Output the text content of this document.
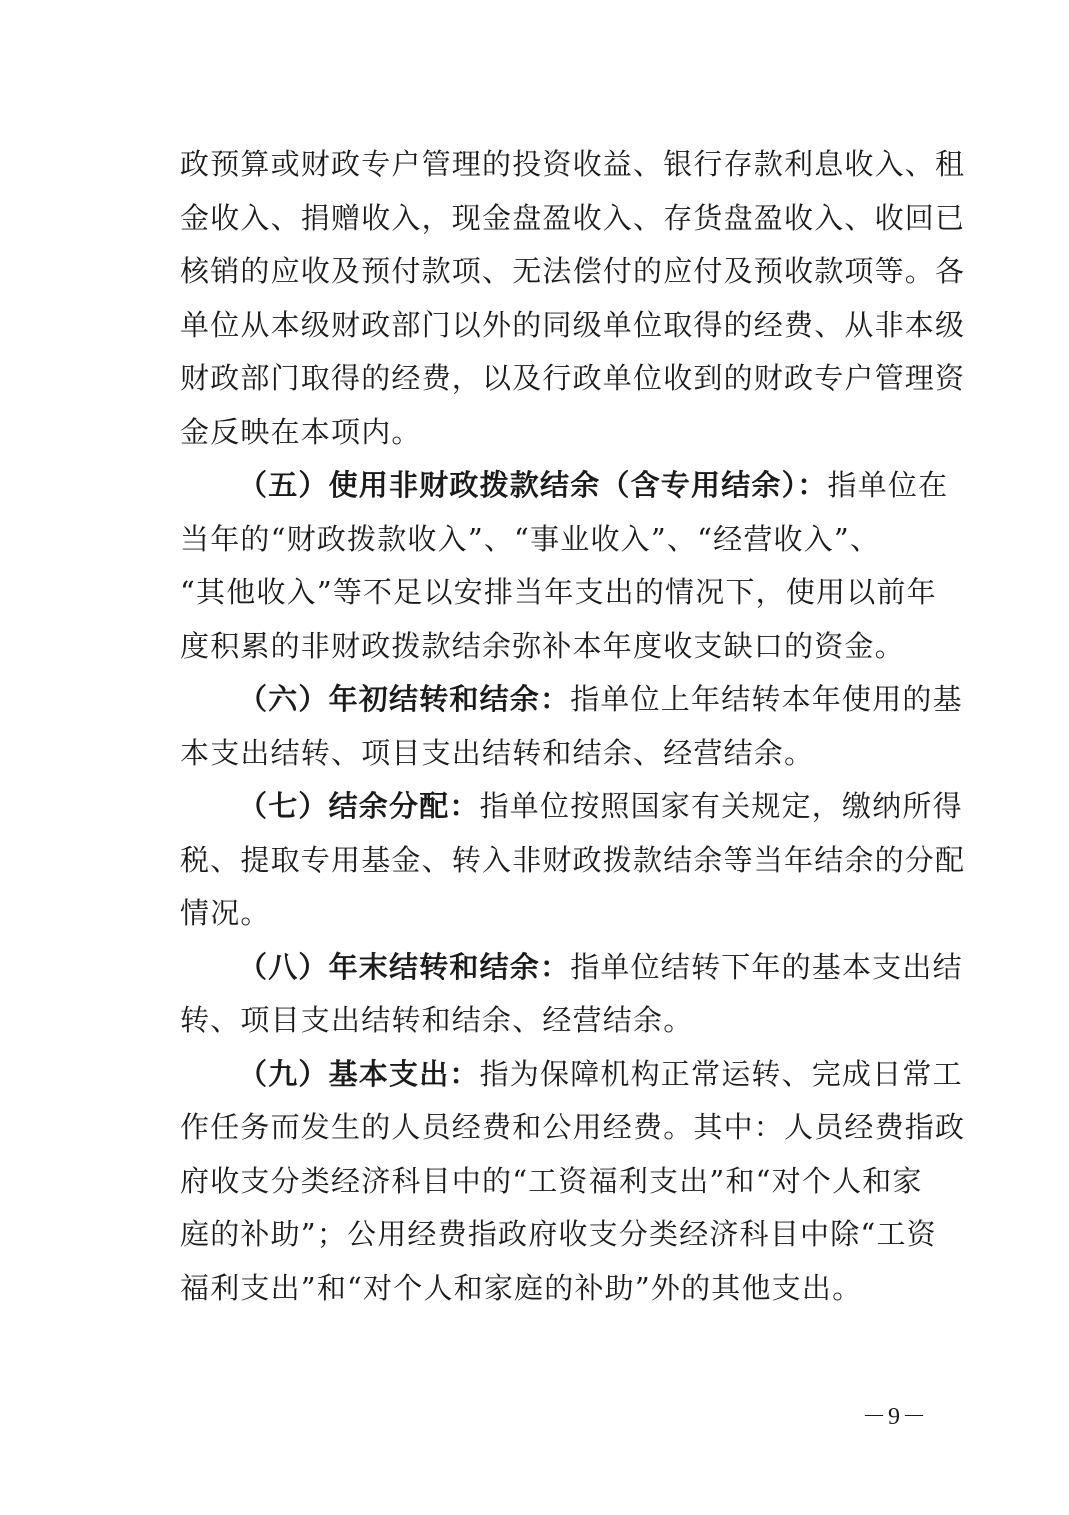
政预算或财政专户管理的投资收益、银行存款利息收入、租
金收入、捐赠收入，现金盘盈收入、存货盘盈收入、收回已
核销的应收及预付款项、无法偿付的应付及预收款项等。各
单位从本级财政部门以外的同级单位取得的经费、从非本级
财政部门取得的经费，以及行政单位收到的财政专户管理资
金反映在本项内。
（五）使用非财政拨款结余（含专用结余）：指单位在
当年的“财政拨款收入”、“事业收入”、“经营收入”、
“其他收入”等不足以安排当年支出的情况下，使用以前年
度积累的非财政拨款结余弥补本年度收支缺口的资金。
（六）年初结转和结余：指单位上年结转本年使用的基
本支出结转、项目支出结转和结余、经营结余。
（七）结余分配：指单位按照国家有关规定，缴纳所得
税、提取专用基金、转入非财政拨款结余等当年结余的分配
情况。
（八）年末结转和结余：指单位结转下年的基本支出结
转、项目支出结转和结余、经营结余。
（九）基本支出：指为保障机构正常运转、完成日常工
作任务而发生的人员经费和公用经费。其中：人员经费指政
府收支分类经济科目中的“工资福利支出”和“对个人和家
庭的补助”；公用经费指政府收支分类经济科目中除“工资
福利支出”和“对个人和家庭的补助”外的其他支出。
－9－
